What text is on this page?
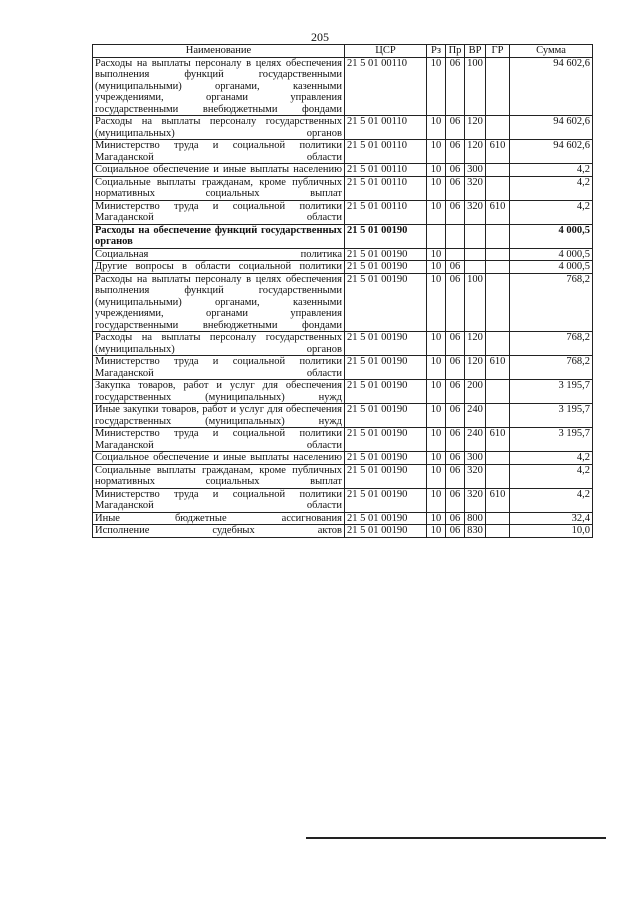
205
Наименование	ЦСР	Рз	Пр	ВР	ГР	Сумма
Расходы на выплаты персоналу в целях обеспечения выполнения функций государственными (муниципальными) органами, казенными учреждениями, органами управления государственными внебюджетными фондами	21 5 01 00110	10	06	100		94 602,6
Расходы на выплаты персоналу государственных (муниципальных) органов	21 5 01 00110	10	06	120		94 602,6
Министерство труда и социальной политики Магаданской области	21 5 01 00110	10	06	120	610	94 602,6
Социальное обеспечение и иные выплаты населению	21 5 01 00110	10	06	300		4,2
Социальные выплаты гражданам, кроме публичных нормативных социальных выплат	21 5 01 00110	10	06	320		4,2
Министерство труда и социальной политики Магаданской области	21 5 01 00110	10	06	320	610	4,2
Расходы на обеспечение функций государственных органов	21 5 01 00190					4 000,5
Социальная политика	21 5 01 00190	10				4 000,5
Другие вопросы в области социальной политики	21 5 01 00190	10	06			4 000,5
Расходы на выплаты персоналу в целях обеспечения выполнения функций государственными (муниципальными) органами, казенными учреждениями, органами управления государственными внебюджетными фондами	21 5 01 00190	10	06	100		768,2
Расходы на выплаты персоналу государственных (муниципальных) органов	21 5 01 00190	10	06	120		768,2
Министерство труда и социальной политики Магаданской области	21 5 01 00190	10	06	120	610	768,2
Закупка товаров, работ и услуг для обеспечения государственных (муниципальных) нужд	21 5 01 00190	10	06	200		3 195,7
Иные закупки товаров, работ и услуг для обеспечения государственных (муниципальных) нужд	21 5 01 00190	10	06	240		3 195,7
Министерство труда и социальной политики Магаданской области	21 5 01 00190	10	06	240	610	3 195,7
Социальное обеспечение и иные выплаты населению	21 5 01 00190	10	06	300		4,2
Социальные выплаты гражданам, кроме публичных нормативных социальных выплат	21 5 01 00190	10	06	320		4,2
Министерство труда и социальной политики Магаданской области	21 5 01 00190	10	06	320	610	4,2
Иные бюджетные ассигнования	21 5 01 00190	10	06	800		32,4
Исполнение судебных актов	21 5 01 00190	10	06	830		10,0
